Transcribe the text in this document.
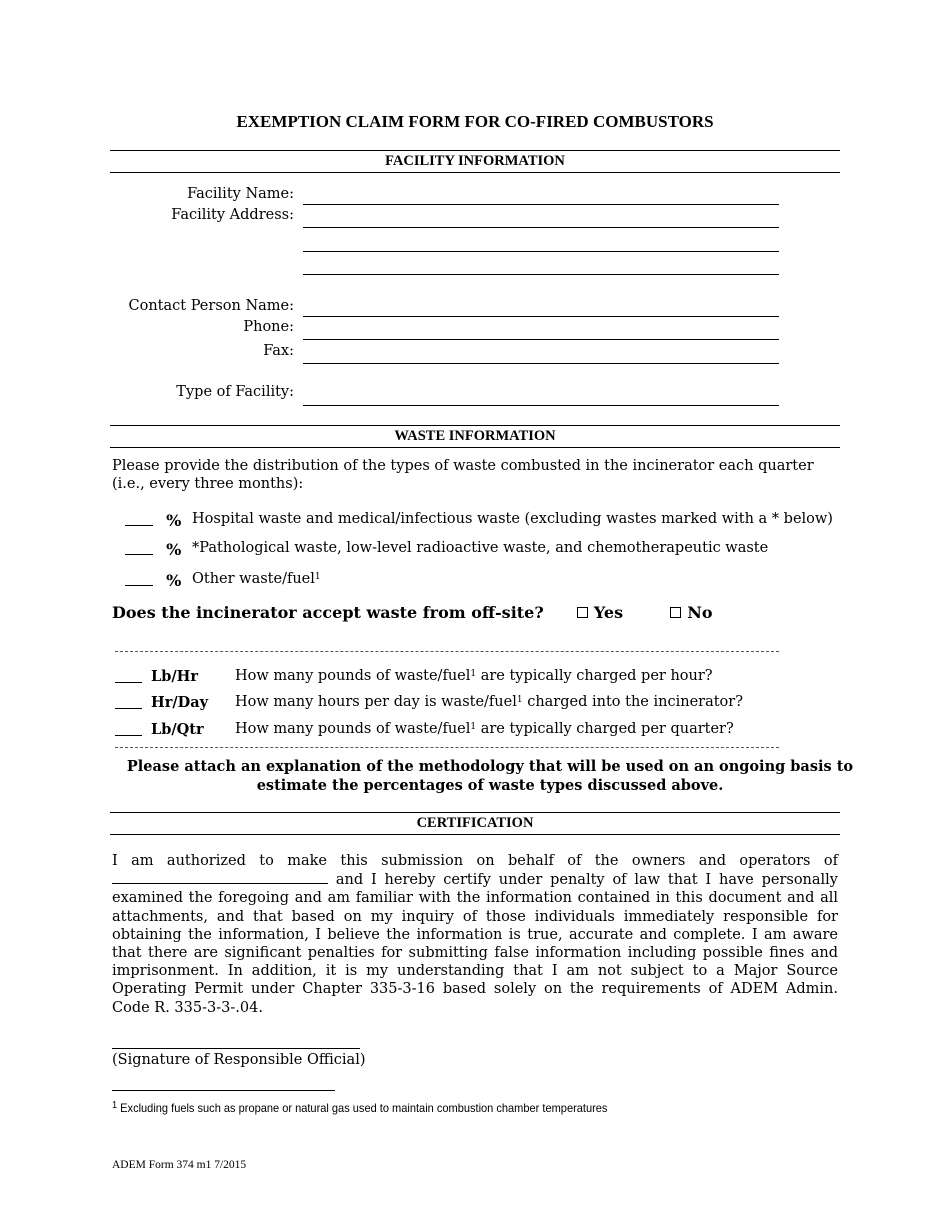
EXEMPTION CLAIM FORM FOR CO-FIRED COMBUSTORS
FACILITY INFORMATION
Facility Name:
Facility Address:
Contact Person Name:
Phone:
Fax:
Type of Facility:
WASTE INFORMATION
Please provide the distribution of the types of waste combusted in the incinerator each quarter (i.e., every three months):
% Hospital waste and medical/infectious waste (excluding wastes marked with a * below)
% *Pathological waste, low-level radioactive waste, and chemotherapeutic waste
% Other waste/fuel$^1$
Does the incinerator accept waste from off-site?	Yes	No
Lb/Hr	How many pounds of waste/fuel$^1$ are typically charged per hour?
Hr/Day How many hours per day is waste/fuel$^1$ charged into the incinerator?
Lb/Qtr How many pounds of waste/fuel$^1$ are typically charged per quarter?
Please attach an explanation of the methodology that will be used on an ongoing basis to
estimate the percentages of waste types discussed above.
CERTIFICATION
I am authorized to make this submission on behalf of the owners and operators of  and I hereby certify under penalty of law that I have personally examined the foregoing and am familiar with the information contained in this document and all attachments, and that based on my inquiry of those individuals immediately responsible for obtaining the information, I believe the information is true, accurate and complete. I am aware that there are significant penalties for submitting false information including possible fines and imprisonment. In addition, it is my understanding that I am not subject to a Major Source Operating Permit under Chapter 335-3-16 based solely on the requirements of ADEM Admin. Code R. 335-3-3-.04.
(Signature of Responsible Official)
$^1$ Excluding fuels such as propane or natural gas used to maintain combustion chamber temperatures
ADEM Form 374 m1 7/2015
